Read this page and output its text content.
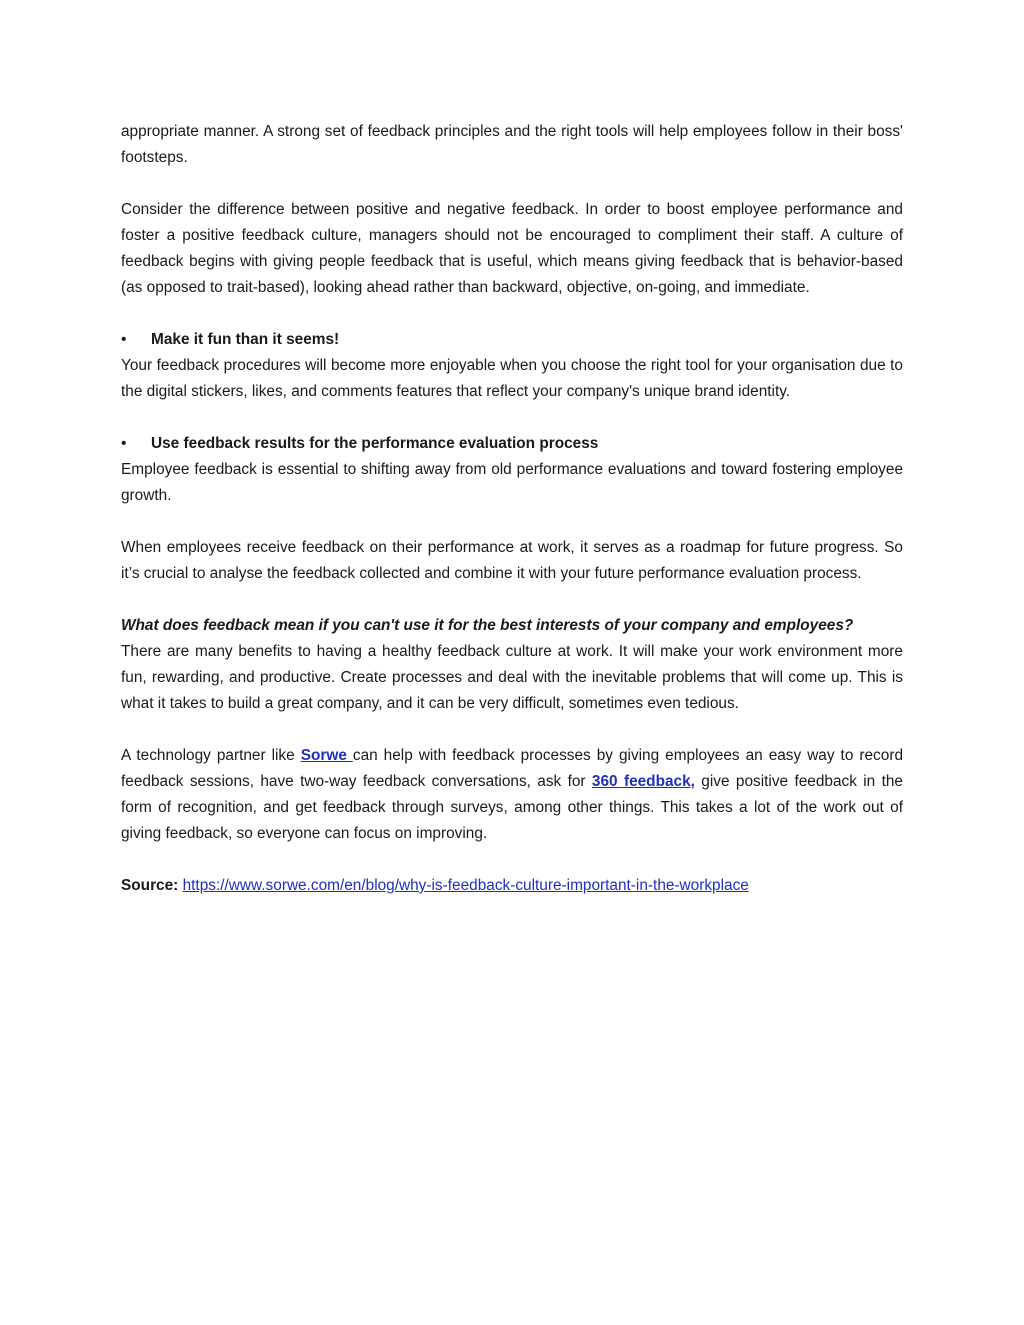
appropriate manner. A strong set of feedback principles and the right tools will help employees follow in their boss' footsteps.

Consider the difference between positive and negative feedback. In order to boost employee performance and foster a positive feedback culture, managers should not be encouraged to compliment their staff. A culture of feedback begins with giving people feedback that is useful, which means giving feedback that is behavior-based (as opposed to trait-based), looking ahead rather than backward, objective, on-going, and immediate.

•	Make it fun than it seems!

Your feedback procedures will become more enjoyable when you choose the right tool for your organisation due to the digital stickers, likes, and comments features that reflect your company's unique brand identity.

•	Use feedback results for the performance evaluation process

Employee feedback is essential to shifting away from old performance evaluations and toward fostering employee growth.

When employees receive feedback on their performance at work, it serves as a roadmap for future progress. So it’s crucial to analyse the feedback collected and combine it with your future performance evaluation process.

What does feedback mean if you can't use it for the best interests of your company and employees?

There are many benefits to having a healthy feedback culture at work. It will make your work environment more fun, rewarding, and productive. Create processes and deal with the inevitable problems that will come up. This is what it takes to build a great company, and it can be very difficult, sometimes even tedious.

A technology partner like Sorwe can help with feedback processes by giving employees an easy way to record feedback sessions, have two-way feedback conversations, ask for 360 feedback, give positive feedback in the form of recognition, and get feedback through surveys, among other things. This takes a lot of the work out of giving feedback, so everyone can focus on improving.

Source: https://www.sorwe.com/en/blog/why-is-feedback-culture-important-in-the-workplace
